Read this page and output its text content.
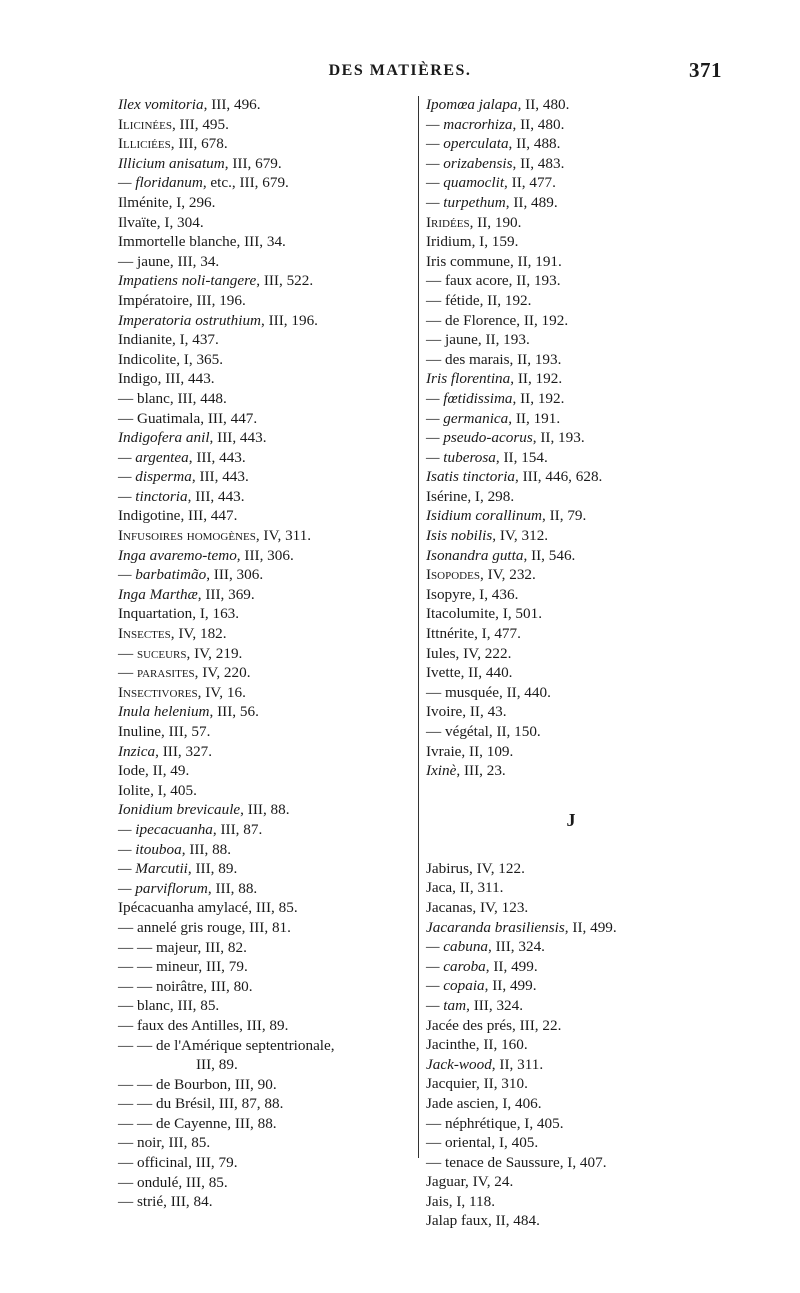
DES MATIÈRES.	371
Ilex vomitoria, III, 496.
Ilicinées, III, 495.
Illiciées, III, 678.
Illicium anisatum, III, 679.
— floridanum, etc., III, 679.
Ilménite, I, 296.
Ilvaïte, I, 304.
Immortelle blanche, III, 34.
— jaune, III, 34.
Impatiens noli-tangere, III, 522.
Impératoire, III, 196.
Imperatoria ostruthium, III, 196.
Indianite, I, 437.
Indicolite, I, 365.
Indigo, III, 443.
— blanc, III, 448.
— Guatimala, III, 447.
Indigofera anil, III, 443.
— argentea, III, 443.
— disperma, III, 443.
— tinctoria, III, 443.
Indigotine, III, 447.
Infusoires homogènes, IV, 311.
Inga avaremo-temo, III, 306.
— barbatimão, III, 306.
Inga Marthæ, III, 369.
Inquartation, I, 163.
Insectes, IV, 182.
— suceurs, IV, 219.
— parasites, IV, 220.
Insectivores, IV, 16.
Inula helenium, III, 56.
Inuline, III, 57.
Inzica, III, 327.
Iode, II, 49.
Iolite, I, 405.
Ionidium brevicaule, III, 88.
— ipecacuanha, III, 87.
— itouboa, III, 88.
— Marcutii, III, 89.
— parviflorum, III, 88.
Ipécacuanha amylacé, III, 85.
— annelé gris rouge, III, 81.
— — majeur, III, 82.
— — mineur, III, 79.
— — noirâtre, III, 80.
— blanc, III, 85.
— faux des Antilles, III, 89.
— — de l'Amérique septentrionale,
III, 89.
— — de Bourbon, III, 90.
— — du Brésil, III, 87, 88.
— — de Cayenne, III, 88.
— noir, III, 85.
— officinal, III, 79.
— ondulé, III, 85.
— strié, III, 84.
Ipomœa jalapa, II, 480.
— macrorhiza, II, 480.
— operculata, II, 488.
— orizabensis, II, 483.
— quamoclit, II, 477.
— turpethum, II, 489.
Iridées, II, 190.
Iridium, I, 159.
Iris commune, II, 191.
— faux acore, II, 193.
— fétide, II, 192.
— de Florence, II, 192.
— jaune, II, 193.
— des marais, II, 193.
Iris florentina, II, 192.
— fœtidissima, II, 192.
— germanica, II, 191.
— pseudo-acorus, II, 193.
— tuberosa, II, 154.
Isatis tinctoria, III, 446, 628.
Isérine, I, 298.
Isidium corallinum, II, 79.
Isis nobilis, IV, 312.
Isonandra gutta, II, 546.
Isopodes, IV, 232.
Isopyre, I, 436.
Itacolumite, I, 501.
Ittnérite, I, 477.
Iules, IV, 222.
Ivette, II, 440.
— musquée, II, 440.
Ivoire, II, 43.
— végétal, II, 150.
Ivraie, II, 109.
Ixinè, III, 23.
J
Jabirus, IV, 122.
Jaca, II, 311.
Jacanas, IV, 123.
Jacaranda brasiliensis, II, 499.
— cabuna, III, 324.
— caroba, II, 499.
— copaia, II, 499.
— tam, III, 324.
Jacée des prés, III, 22.
Jacinthe, II, 160.
Jack-wood, II, 311.
Jacquier, II, 310.
Jade ascien, I, 406.
— néphrétique, I, 405.
— oriental, I, 405.
— tenace de Saussure, I, 407.
Jaguar, IV, 24.
Jais, I, 118.
Jalap faux, II, 484.
